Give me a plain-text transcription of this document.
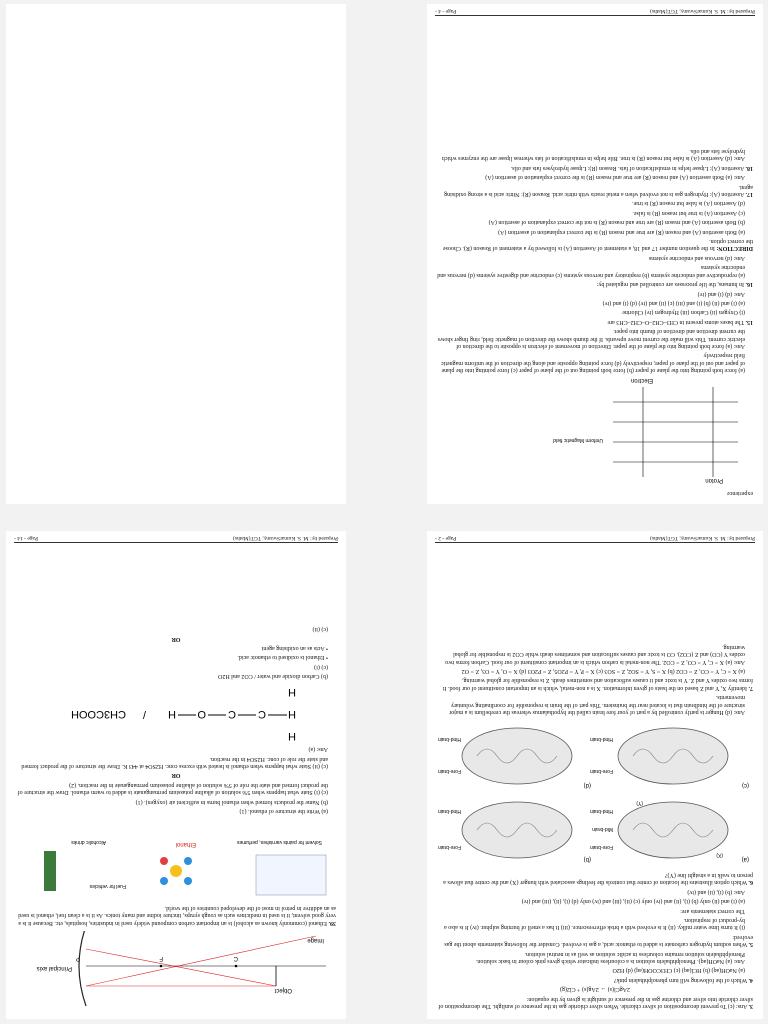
3. Ans: (c) To prevent decomposition of silver chloride. When silver chloride gas in the presence of sunlight. The decomposition of silver chloride into silver and chlorine gas in the presence of sunlight is given by the equation:

2AgCl(s) → 2Ag(s) + Cl2(g)

4. Which of the following will turn phenolphthalein pink?

(a) NaOH(aq) (b) HCl(aq) (c) CH3COOH(aq) (d) H2O

Ans: (a) NaOH(aq). Phenolphthalein solution is a colourless indicator which gives pink colour in basic solution. Phenolphthalein solution remains colourless in acidic solution as well as in neutral solution.

5. When sodium hydrogen carbonate is added to ethanoic acid, a gas is evolved. Consider the following statements about the gas evolved:

(i) It turns lime water milky. (ii) It is evolved with a brisk effervescence. (iii) It has a smell of burning sulphur. (iv) It is also a by-product of respiration.

The correct statements are:

(a) (i) and (ii) only (b) (i), (ii) and (iv) only (c) (ii), (iii) and (iv) only (d) (i), (ii), (iii) and (iv)

Ans: (b) (i), (ii) and (iv)

6. Which option illustrates the location of centre that controls the feelings associated with hunger (X) and the centre that allows a person to walk in a straight line (Y)?

(a)
Fore-brain
Mid-brain
Hind-brain
(X)
(Y)
(b)
Fore-brain
Hind-brain
(c)
Fore-brain
Hind-brain
(d)
Fore-brain
Hind-brain

Ans: (d) Hunger is partly controlled by a part of your fore brain called the hypothalamus whereas the cerebellum is a major structure of the hindbrain that is located near the brainstem. This part of the brain is responsible for coordinating voluntary movements.

7. Identify X, Y and Z based on the basis of given information. X is a non-metal, which is an important constituent of our food. It forms two oxides Y and Z. Y is toxic and it causes suffocation and sometimes death. Z is responsible for global warming.

(a) X = C, Y = CO, Z = CO2 (b) X = S, Y = SO2, Z = SO3 (c) X = P, Y = P2O5, Z = P2O3 (d) X = O, Y = O3, Z = O2

Ans: (a) X = C, Y = CO, Z = CO2. The non-metal is carbon which is an important constituent of our food. Carbon forms two oxides Y (CO) and Z (CO2). CO is toxic and causes suffocation and sometimes death while CO2 is responsible for global warming.

Prepared by: M. S. KumarSwamy, TGT(Maths)
Page - 2 -
C
F
P
Object
Principal axis
Image

39. Ethanol (commonly known as alcohol) is an important carbon compound widely used in industries, hospitals, etc. Because it is a very good solvent, it is used in medicines such as cough syrups, tincture iodine and many tonics. As it is a clean fuel, ethanol is used as an additive in petrol in most of the developed countries of the world.

Solvent for paints varnishes, perfumes
Ethanol
Fuel for vehicles
Alcoholic drinks

(a) Write the structure of ethanol. (1)

(b) Name the products formed when ethanol burns in sufficient air (oxygen). (1)

(c) (i) State what happens when 5% solution of alkaline potassium permanganate is added to warm ethanol. Draw the structure of the product formed and state the role of 5% solution of alkaline potassium permanganate in the reaction. (2)

OR

(c) (ii) State what happens when ethanol is heated with excess conc. H2SO4 at 443 K. Draw the structure of the product formed and state the role of conc. H2SO4 in the reaction.

Ans: (a)

H
C H
H
C
O
H
/
CH3COOH

(b) Carbon dioxide and water / CO2 and H2O

(c) (i)

• Ethanol is oxidised to ethanoic acid.

• Acts as an oxidising agent

OR

(c) (ii)

Prepared by: M. S. KumarSwamy, TGT(Maths)
Page - 14 -

experience

Uniform Magnetic field
Proton
Electron

(a) force both pointing into the plane of paper (b) force both pointing out of the plane of paper (c) force pointing into the plane of paper and out of the plane of paper, respectively (d) force pointing opposite and along the direction of the uniform magnetic field respectively

Ans: (a) force both pointing into the plane of the paper. Direction of movement of electron is opposite to the direction of electric current. This will make the current move upwards. If the thumb shows the direction of magnetic field, ring finger shows the current direction and direction of thumb into paper.

15. The bases atoms present in CH3–CH2–O–CH2–CH3 are

(i) Oxygen (ii) Carbon (iii) Hydrogen (iv) Chlorine

(a) (i) and (ii) (b) (i) and (iii) (c) (ii) and (iv) (d) (i) and (iv)

Ans: (d) (i) and (iv)

16. In humans, the life processes are controlled and regulated by:

(a) reproductive and endocrine systems (b) respiratory and nervous systems (c) endocrine and digestive systems (d) nervous and endocrine systems

Ans: (d) nervous and endocrine systems

DIRECTION: In the question number 17 and 18, a statement of Assertion (A) is followed by a statement of Reason (R). Choose the correct option.

(a) Both assertion (A) and reason (R) are true and reason (R) is the correct explanation of assertion (A)

(b) Both assertion (A) and reason (R) are true and reason (R) is not the correct explanation of assertion (A)

(c) Assertion (A) is true but reason (R) is false.

(d) Assertion (A) is false but reason (R) is true.

17. Assertion (A): Hydrogen gas is not evolved when a metal reacts with nitric acid. Reason (R): Nitric acid is a strong oxidising agent.

Ans: (a) Both assertion (A) and reason (R) are true and reason (R) is the correct explanation of assertion (A)

18. Assertion (A): Lipase helps in emulsification of fats. Reason (R): Lipase hydrolyses fats and oils.

Ans: (d) Assertion (A) is false but reason (R) is true. Bile helps in emulsification of fats whereas lipase are the enzymes which hydrolyse fats and oils.

Prepared by: M. S. KumarSwamy, TGT(Maths)
Page - 4 -
